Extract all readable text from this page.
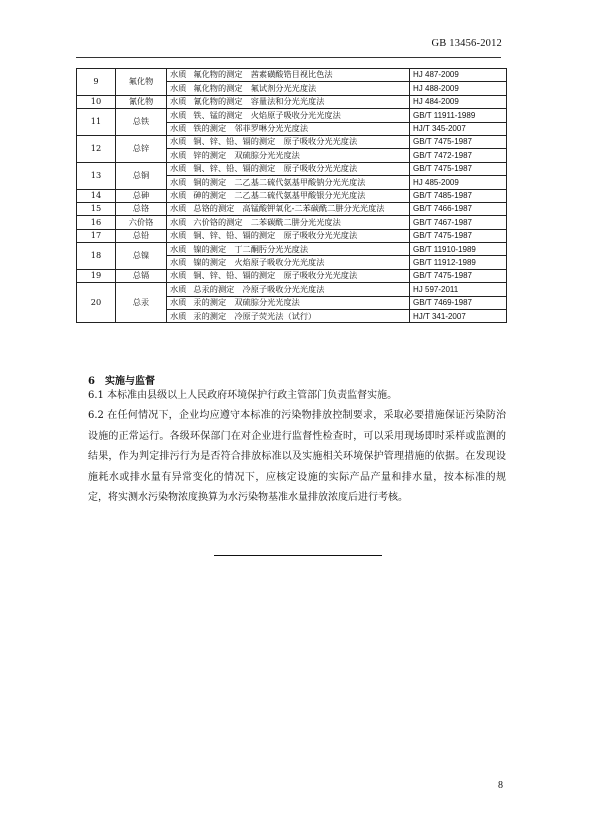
GB 13456-2012
9	氟化物	水质 氟化物的测定　茜素磺酸锆目视比色法	HJ 487-2009
		水质 氟化物的测定　氟试剂分光光度法	HJ 488-2009
10	氰化物	水质 氰化物的测定　容量法和分光光度法	HJ 484-2009
11	总铁	水质 铁、锰的测定　火焰原子吸收分光光度法	GB/T 11911-1989
		水质 铁的测定　邻菲罗啉分光光度法	HJ/T 345-2007
12	总锌	水质 铜、锌、铅、镉的测定　原子吸收分光光度法	GB/T 7475-1987
		水质 锌的测定　双硫腙分光光度法	GB/T 7472-1987
13	总铜	水质 铜、锌、铅、镉的测定　原子吸收分光光度法	GB/T 7475-1987
		水质 铜的测定　二乙基二硫代氨基甲酸钠分光光度法	HJ 485-2009
14	总砷	水质 砷的测定　二乙基二硫代氨基甲酸银分光光度法	GB/T 7485-1987
15	总铬	水质 总铬的测定　高锰酸钾氧化-二苯碳酰二肼分光光度法	GB/T 7466-1987
16	六价铬	水质 六价铬的测定　二苯碳酰二肼分光光度法	GB/T 7467-1987
17	总铅	水质 铜、锌、铅、镉的测定　原子吸收分光光度法	GB/T 7475-1987
18	总镍	水质 镍的测定　丁二酮肟分光光度法	GB/T 11910-1989
		水质 镍的测定　火焰原子吸收分光光度法	GB/T 11912-1989
19	总镉	水质 铜、锌、铅、镉的测定　原子吸收分光光度法	GB/T 7475-1987
20	总汞	水质 总汞的测定　冷原子吸收分光光度法	HJ 597-2011
		水质 汞的测定　双硫腙分光光度法	GB/T 7469-1987
		水质 汞的测定　冷原子荧光法（试行）	HJ/T 341-2007
6 实施与监督
6.1 本标准由县级以上人民政府环境保护行政主管部门负责监督实施。
6.2 在任何情况下，企业均应遵守本标准的污染物排放控制要求，采取必要措施保证污染防治设施的正常运行。各级环保部门在对企业进行监督性检查时，可以采用现场即时采样或监测的结果，作为判定排污行为是否符合排放标准以及实施相关环境保护管理措施的依据。在发现设施耗水或排水量有异常变化的情况下，应核定设施的实际产品产量和排水量，按本标准的规定，将实测水污染物浓度换算为水污染物基准水量排放浓度后进行考核。
8
